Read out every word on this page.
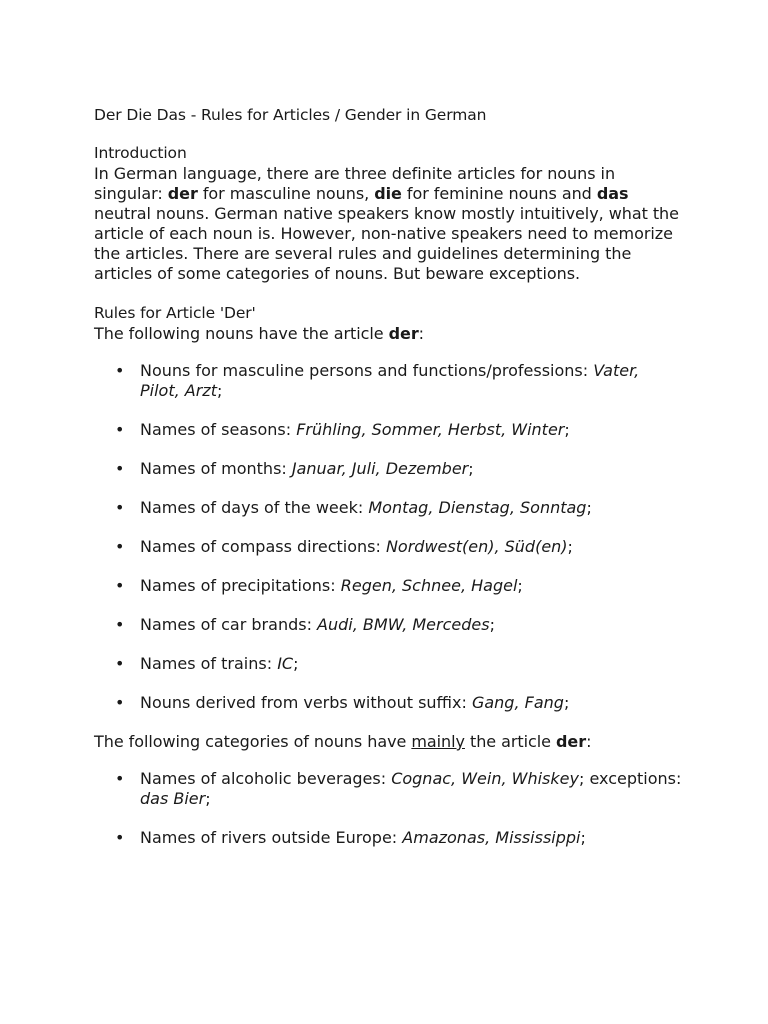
Der Die Das - Rules for Articles / Gender in German
Introduction

In German language, there are three definite articles for nouns in singular: der for masculine nouns, die for feminine nouns and das neutral nouns. German native speakers know mostly intuitively, what the article of each noun is. However, non-native speakers need to memorize the articles. There are several rules and guidelines determining the articles of some categories of nouns. But beware exceptions.

Rules for Article 'Der'

The following nouns have the article der:

• Nouns for masculine persons and functions/professions: Vater, Pilot, Arzt;
• Names of seasons: Frühling, Sommer, Herbst, Winter;
• Names of months: Januar, Juli, Dezember;
• Names of days of the week: Montag, Dienstag, Sonntag;
• Names of compass directions: Nordwest(en), Süd(en);
• Names of precipitations: Regen, Schnee, Hagel;
• Names of car brands: Audi, BMW, Mercedes;
• Names of trains: IC;
• Nouns derived from verbs without suffix: Gang, Fang;

The following categories of nouns have mainly the article der:

• Names of alcoholic beverages: Cognac, Wein, Whiskey; exceptions: das Bier;
• Names of rivers outside Europe: Amazonas, Mississippi;
